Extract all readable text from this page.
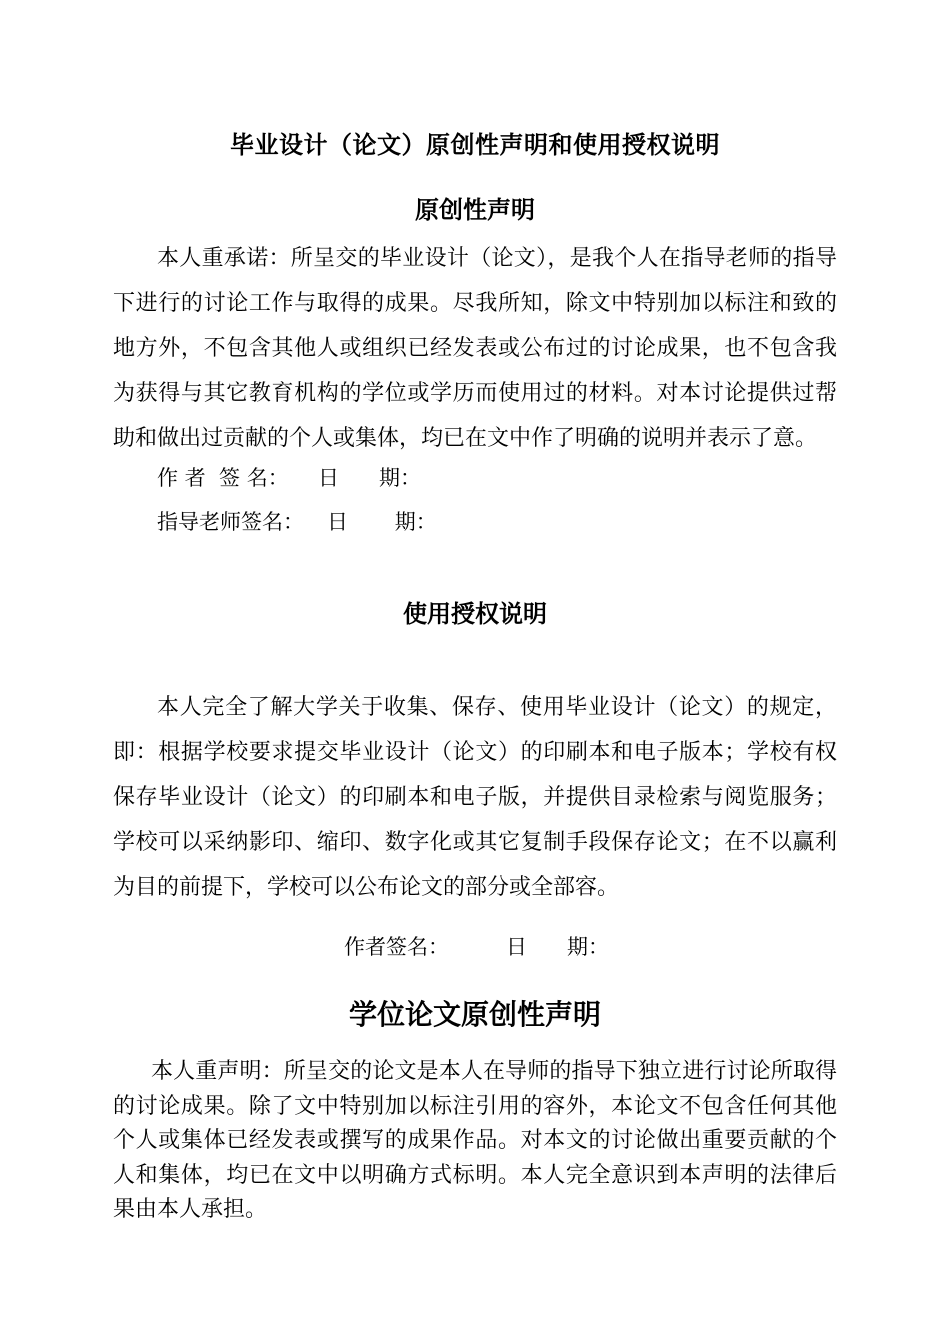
毕业设计（论文）原创性声明和使用授权说明
原创性声明

本人重承诺：所呈交的毕业设计（论文），是我个人在指导老师的指导下进行的讨论工作与取得的成果。尽我所知，除文中特别加以标注和致的地方外，不包含其他人或组织已经发表或公布过的讨论成果，也不包含我为获得与其它教育机构的学位或学历而使用过的材料。对本讨论提供过帮助和做出过贡献的个人或集体，均已在文中作了明确的说明并表示了意。

作 者  签 名： 日      期：
指导老师签名： 日       期：
使用授权说明

本人完全了解大学关于收集、保存、使用毕业设计（论文）的规定，即：根据学校要求提交毕业设计（论文）的印刷本和电子版本；学校有权保存毕业设计（论文）的印刷本和电子版，并提供目录检索与阅览服务；学校可以采纳影印、缩印、数字化或其它复制手段保存论文；在不以赢利为目的前提下，学校可以公布论文的部分或全部容。

作者签名：	日      期：
学位论文原创性声明

本人重声明：所呈交的论文是本人在导师的指导下独立进行讨论所取得的讨论成果。除了文中特别加以标注引用的容外，本论文不包含任何其他个人或集体已经发表或撰写的成果作品。对本文的讨论做出重要贡献的个人和集体，均已在文中以明确方式标明。本人完全意识到本声明的法律后果由本人承担。
